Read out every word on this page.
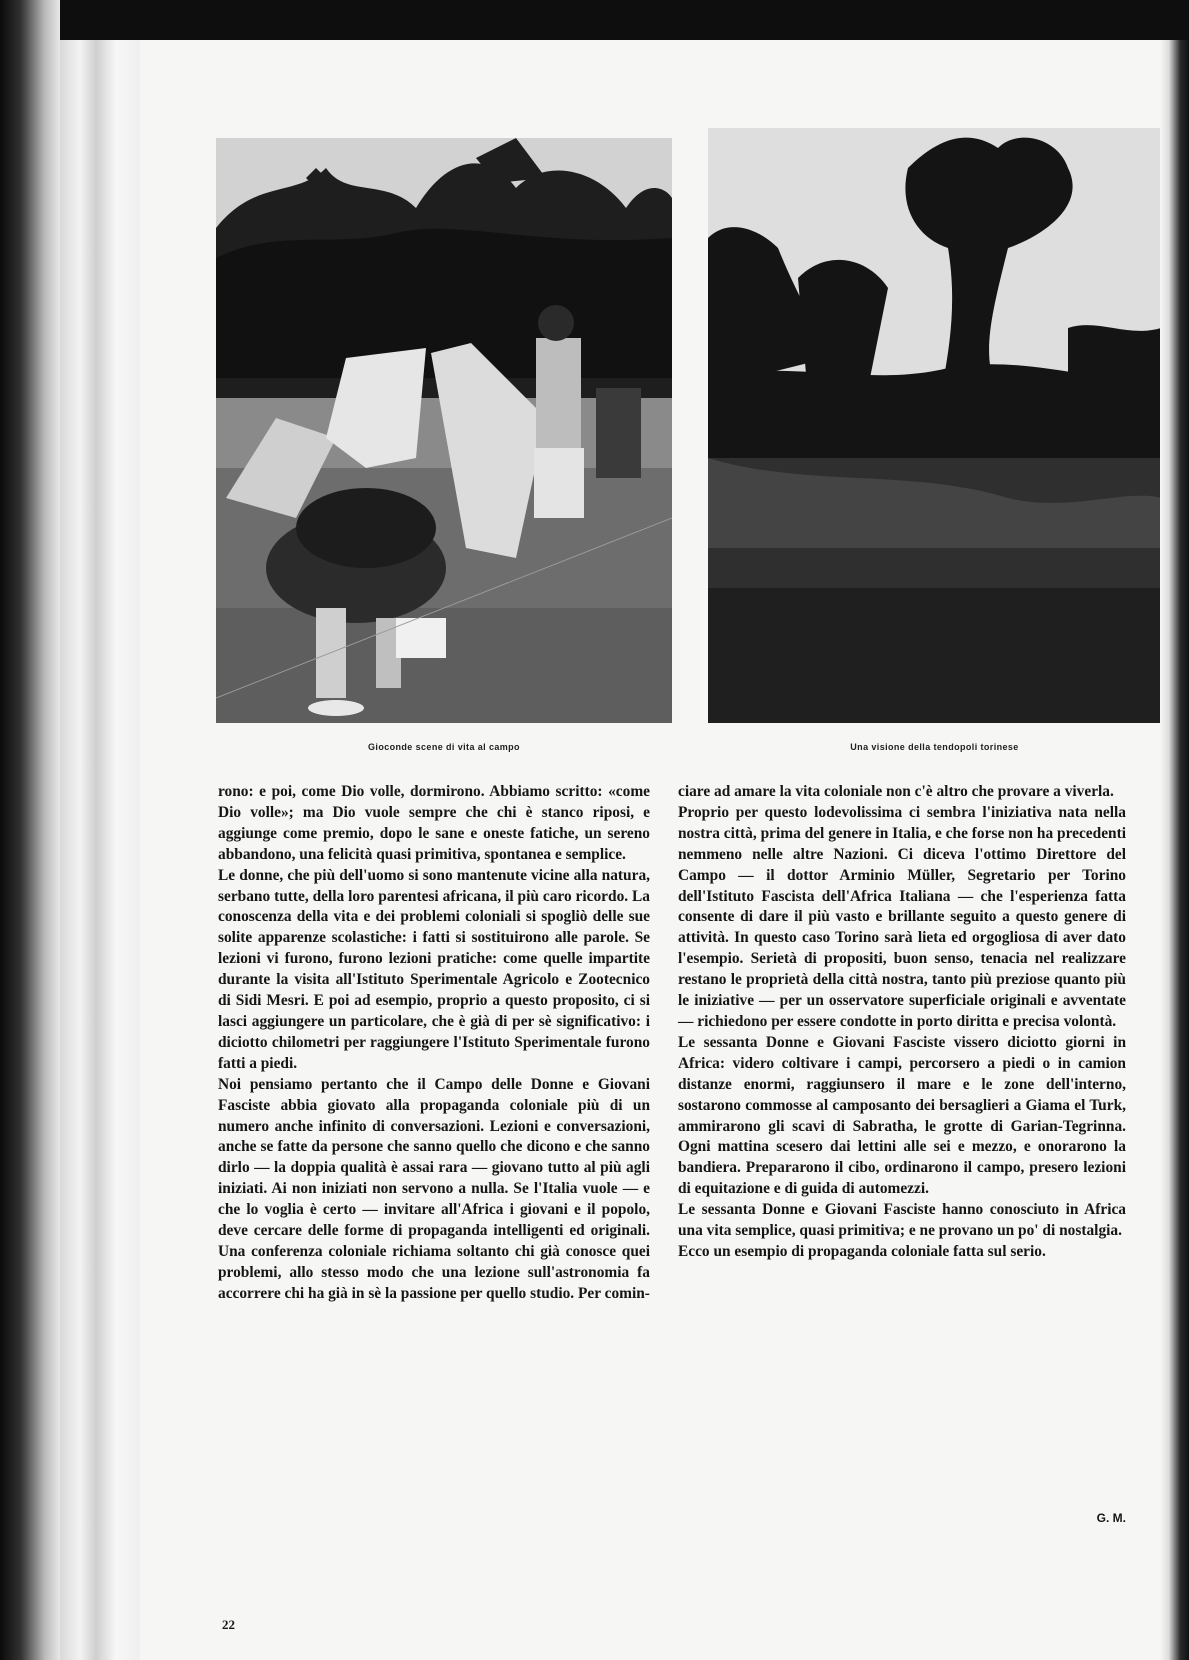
Gioconde scene di vita al campo	Una visione della tendopoli torinese

rono: e poi, come Dio volle, dormirono. Abbiamo scritto: «come Dio volle»; ma Dio vuole sempre che chi è stanco riposi, e aggiunge come premio, dopo le sane e oneste fatiche, un sereno abbandono, una felicità quasi primitiva, spontanea e semplice.

Le donne, che più dell'uomo si sono mantenute vicine alla natura, serbano tutte, della loro parentesi africana, il più caro ricordo. La conoscenza della vita e dei problemi coloniali si spogliò delle sue solite apparenze scolastiche: i fatti si sostituirono alle parole. Se lezioni vi furono, furono lezioni pratiche: come quelle impartite durante la visita all'Istituto Sperimentale Agricolo e Zootecnico di Sidi Mesri. E poi ad esempio, proprio a questo proposito, ci si lasci aggiungere un particolare, che è già di per sè significativo: i diciotto chilometri per raggiungere l'Istituto Sperimentale furono fatti a piedi.

Noi pensiamo pertanto che il Campo delle Donne e Giovani Fasciste abbia giovato alla propaganda coloniale più di un numero anche infinito di conversazioni. Lezioni e conversazioni, anche se fatte da persone che sanno quello che dicono e che sanno dirlo — la doppia qualità è assai rara — giovano tutto al più agli iniziati. Ai non iniziati non servono a nulla. Se l'Italia vuole — e che lo voglia è certo — invitare all'Africa i giovani e il popolo, deve cercare delle forme di propaganda intelligenti ed originali. Una conferenza coloniale richiama soltanto chi già conosce quei problemi, allo stesso modo che una lezione sull'astronomia fa accorrere chi ha già in sè la passione per quello studio. Per comin-

ciare ad amare la vita coloniale non c'è altro che provare a viverla.

Proprio per questo lodevolissima ci sembra l'iniziativa nata nella nostra città, prima del genere in Italia, e che forse non ha precedenti nemmeno nelle altre Nazioni. Ci diceva l'ottimo Direttore del Campo — il dottor Arminio Müller, Segretario per Torino dell'Istituto Fascista dell'Africa Italiana — che l'esperienza fatta consente di dare il più vasto e brillante seguito a questo genere di attività. In questo caso Torino sarà lieta ed orgogliosa di aver dato l'esempio. Serietà di propositi, buon senso, tenacia nel realizzare restano le proprietà della città nostra, tanto più preziose quanto più le iniziative — per un osservatore superficiale originali e avventate — richiedono per essere condotte in porto diritta e precisa volontà.

Le sessanta Donne e Giovani Fasciste vissero diciotto giorni in Africa: videro coltivare i campi, percorsero a piedi o in camion distanze enormi, raggiunsero il mare e le zone dell'interno, sostarono commosse al camposanto dei bersaglieri a Giama el Turk, ammirarono gli scavi di Sabratha, le grotte di Garian-Tegrinna. Ogni mattina scesero dai lettini alle sei e mezzo, e onorarono la bandiera. Prepararono il cibo, ordinarono il campo, presero lezioni di equitazione e di guida di automezzi.

Le sessanta Donne e Giovani Fasciste hanno conosciuto in Africa una vita semplice, quasi primitiva; e ne provano un po' di nostalgia.

Ecco un esempio di propaganda coloniale fatta sul serio.

G. M.
22
